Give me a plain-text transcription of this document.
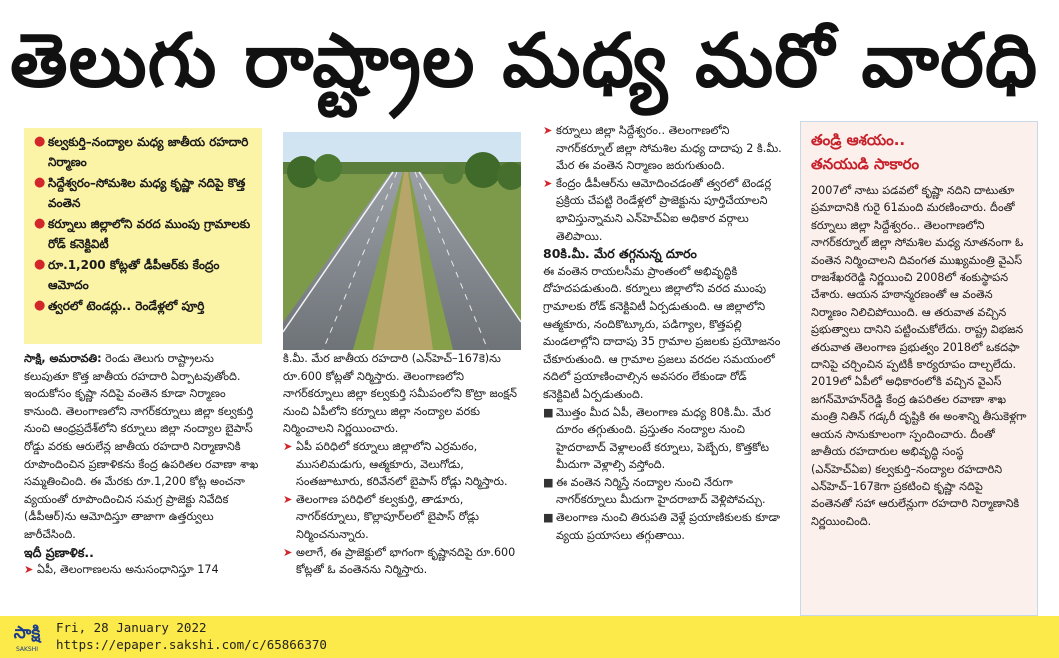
తెలుగు రాష్ట్రాల మధ్య మరో వారధి
● కల్వకుర్తి–నంద్యాల మధ్య జాతీయ రహదారి నిర్మాణం
● సిద్దేశ్వరం–సోమశిల మధ్య కృష్ణా నదిపై కొత్త వంతెన
● కర్నూలు జిల్లాలోని వరద ముంపు గ్రామాలకు రోడ్ కనెక్టివిటీ
● రూ.1,200 కోట్లతో డీపీఆర్‌కు కేంద్రం ఆమోదం
● త్వరలో టెండర్లు.. రెండేళ్లలో పూర్తి

సాక్షి, అమరావతి: రెండు తెలుగు రాష్ట్రాలను కలుపుతూ కొత్త జాతీయ రహదారి ఏర్పాటవుతోంది. ఇందుకోసం కృష్ణా నదిపై వంతెన కూడా నిర్మాణం కానుంది. తెలంగాణలోని నాగర్‌కర్నూలు జిల్లా కల్వకుర్తి నుంచి ఆంధ్రప్రదేశ్‌లోని కర్నూలు జిల్లా నంద్యాల బైపాస్ రోడ్డు వరకు ఆరులేన్ల జాతీయ రహదారి నిర్మాణానికి రూపొందించిన ప్రణాళికను కేంద్ర ఉపరితల రవాణా శాఖ సమ్మతించింది. ఈ మేరకు రూ.1,200 కోట్ల అంచనా వ్యయంతో రూపొందించిన సమగ్ర ప్రాజెక్టు నివేదిక (డీపీఆర్)ను ఆమోదిస్తూ తాజాగా ఉత్తర్వులు జారీచేసింది.

ఇదీ ప్రణాళిక..

➤ ఏపీ, తెలంగాణలను అనుసంధానిస్తూ 174

కి.మీ. మేర జాతీయ రహదారి (ఎన్‌హెచ్–167కె)ను రూ.600 కోట్లతో నిర్మిస్తారు. తెలంగాణలోని నాగర్‌కర్నూలు జిల్లా కల్వకుర్తి సమీపంలోని కొట్రా జంక్షన్ నుంచి ఏపీలోని కర్నూలు జిల్లా నంద్యాల వరకు నిర్మించాలని నిర్ణయించారు.

➤ ఏపీ పరిధిలో కర్నూలు జిల్లాలోని ఎర్రమఠం, ముసలిమడుగు, ఆత్మకూరు, వెలుగోడు, సంతజూటూరు, కరివేనలో బైపాస్ రోడ్లు నిర్మిస్తారు.

➤ తెలంగాణ పరిధిలో కల్వకుర్తి, తాడూరు, నాగర్‌కర్నూలు, కొల్లాపూర్‌లలో బైపాస్ రోడ్లు నిర్మించనున్నారు.

➤ అలాగే, ఈ ప్రాజెక్టులో భాగంగా కృష్ణానదిపై రూ.600 కోట్లతో ఓ వంతెనను నిర్మిస్తారు.

➤ కర్నూలు జిల్లా సిద్దేశ్వరం.. తెలంగాణలోని నాగర్‌కర్నూల్ జిల్లా సోమశిల మధ్య దాదాపు 2 కి.మీ. మేర ఈ వంతెన నిర్మాణం జరుగుతుంది.

➤ కేంద్రం డీపీఆర్‌ను ఆమోదించడంతో త్వరలో టెండర్ల ప్రక్రియ చేపట్టి రెండేళ్లలో ప్రాజెక్టును పూర్తిచేయాలని భావిస్తున్నామని ఎన్‌హెచ్ఏఐ అధికార వర్గాలు తెలిపాయి.

80కి.మీ. మేర తగ్గనున్న దూరం

ఈ వంతెన రాయలసీమ ప్రాంతంలో అభివృద్ధికి దోహదపడుతుంది. కర్నూలు జిల్లాలోని వరద ముంపు గ్రామాలకు రోడ్ కనెక్టివిటీ ఏర్పడుతుంది. ఆ జిల్లాలోని ఆత్మకూరు, నందికొట్కూరు, పడిగ్యాల, కొత్తపల్లి మండలాల్లోని దాదాపు 35 గ్రామాల ప్రజలకు ప్రయోజనం చేకూరుతుంది. ఆ గ్రామాల ప్రజలు వరదల సమయంలో నదిలో ప్రయాణించాల్సిన అవసరం లేకుండా రోడ్ కనెక్టివిటీ ఏర్పడుతుంది.

■ మొత్తం మీద ఏపీ, తెలంగాణ మధ్య 80కి.మీ. మేర దూరం తగ్గుతుంది. ప్రస్తుతం నంద్యాల నుంచి హైదరాబాద్ వెళ్లాలంటే కర్నూలు, పెబ్బేరు, కొత్తకోట మీదుగా వెళ్లాల్సి వస్తోంది.

■ ఈ వంతెన నిర్మిస్తే నంద్యాల నుంచి నేరుగా నాగర్‌కర్నూలు మీదుగా హైదరాబాద్ వెళ్లిపోవచ్చు.

■ తెలంగాణ నుంచి తిరుపతి వెళ్లే ప్రయాణికులకు కూడా వ్యయ ప్రయాసలు తగ్గుతాయి.

తండ్రి ఆశయం..
తనయుడి సాకారం
2007లో నాటు పడవలో కృష్ణా నదిని దాటుతూ ప్రమాదానికి గురై 61మంది మరణించారు. దీంతో కర్నూలు జిల్లా సిద్దేశ్వరం.. తెలంగాణలోని నాగర్‌కర్నూల్ జిల్లా సోమశిల మధ్య నూతనంగా ఓ వంతెన నిర్మించాలని దివంగత ముఖ్యమంత్రి వైఎస్ రాజశేఖరరెడ్డి నిర్ణయించి 2008లో శంకుస్థాపన చేశారు. ఆయన హఠాన్మరణంతో ఆ వంతెన నిర్మాణం నిలిచిపోయింది. ఆ తరువాత వచ్చిన ప్రభుత్వాలు దానిని పట్టించుకోలేదు. రాష్ట్ర విభజన తరువాత తెలంగాణ ప్రభుత్వం 2018లో ఒకదఫా దానిపై చర్చించిన ప్పటికీ కార్యరూపం దాల్చలేదు. 2019లో ఏపీలో అధికారంలోకి వచ్చిన వైఎస్ జగన్‌మోహన్‌రెడ్డి కేంద్ర ఉపరితల రవాణా శాఖ మంత్రి నితిన్ గడ్కరీ దృష్టికి ఈ అంశాన్ని తీసుకెళ్లగా ఆయన సానుకూలంగా స్పందించారు. దీంతో జాతీయ రహదారుల అభివృద్ధి సంస్థ (ఎన్‌హెచ్ఏఐ) కల్వకుర్తి–నంద్యాల రహదారిని ఎన్‌హెచ్–167కెగా ప్రకటించి కృష్ణా నదిపై వంతెనతో సహా ఆరులేన్లుగా రహదారి నిర్మాణానికి నిర్ణయించింది.
సాక్షి
SAKSHI
Fri, 28 January 2022
https://epaper.sakshi.com/c/65866370
